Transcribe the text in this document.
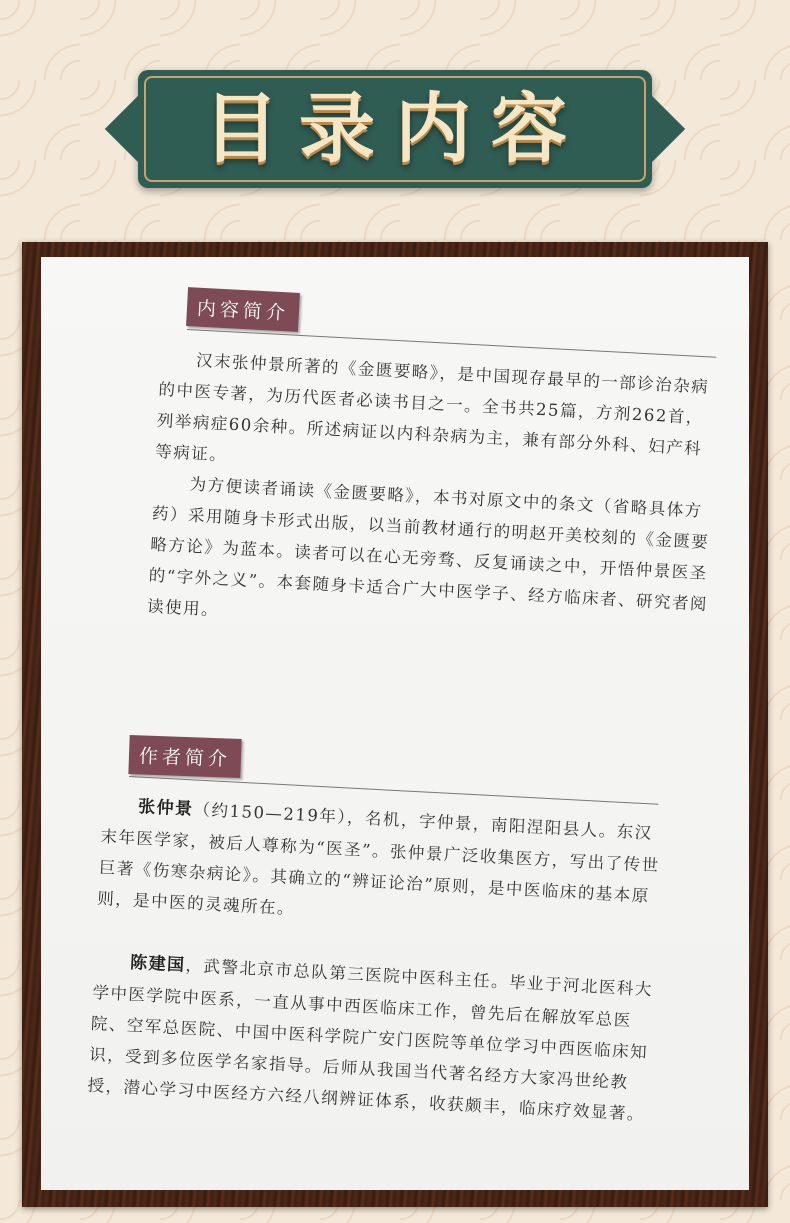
目录内容
内容简介

　　汉末张仲景所著的《金匮要略》，是中国现存最早的一部诊治杂病的中医专著，为历代医者必读书目之一。全书共25篇，方剂262首，列举病症60余种。所述病证以内科杂病为主，兼有部分外科、妇产科等病证。

　　为方便读者诵读《金匮要略》，本书对原文中的条文（省略具体方药）采用随身卡形式出版，以当前教材通行的明赵开美校刻的《金匮要略方论》为蓝本。读者可以在心无旁骛、反复诵读之中，开悟仲景医圣的“字外之义”。本套随身卡适合广大中医学子、经方临床者、研究者阅读使用。

作者简介

　　张仲景（约150—219年），名机，字仲景，南阳涅阳县人。东汉末年医学家，被后人尊称为“医圣”。张仲景广泛收集医方，写出了传世巨著《伤寒杂病论》。其确立的“辨证论治”原则，是中医临床的基本原则，是中医的灵魂所在。

　　陈建国，武警北京市总队第三医院中医科主任。毕业于河北医科大学中医学院中医系，一直从事中西医临床工作，曾先后在解放军总医院、空军总医院、中国中医科学院广安门医院等单位学习中西医临床知识，受到多位医学名家指导。后师从我国当代著名经方大家冯世纶教授，潜心学习中医经方六经八纲辨证体系，收获颇丰，临床疗效显著。
